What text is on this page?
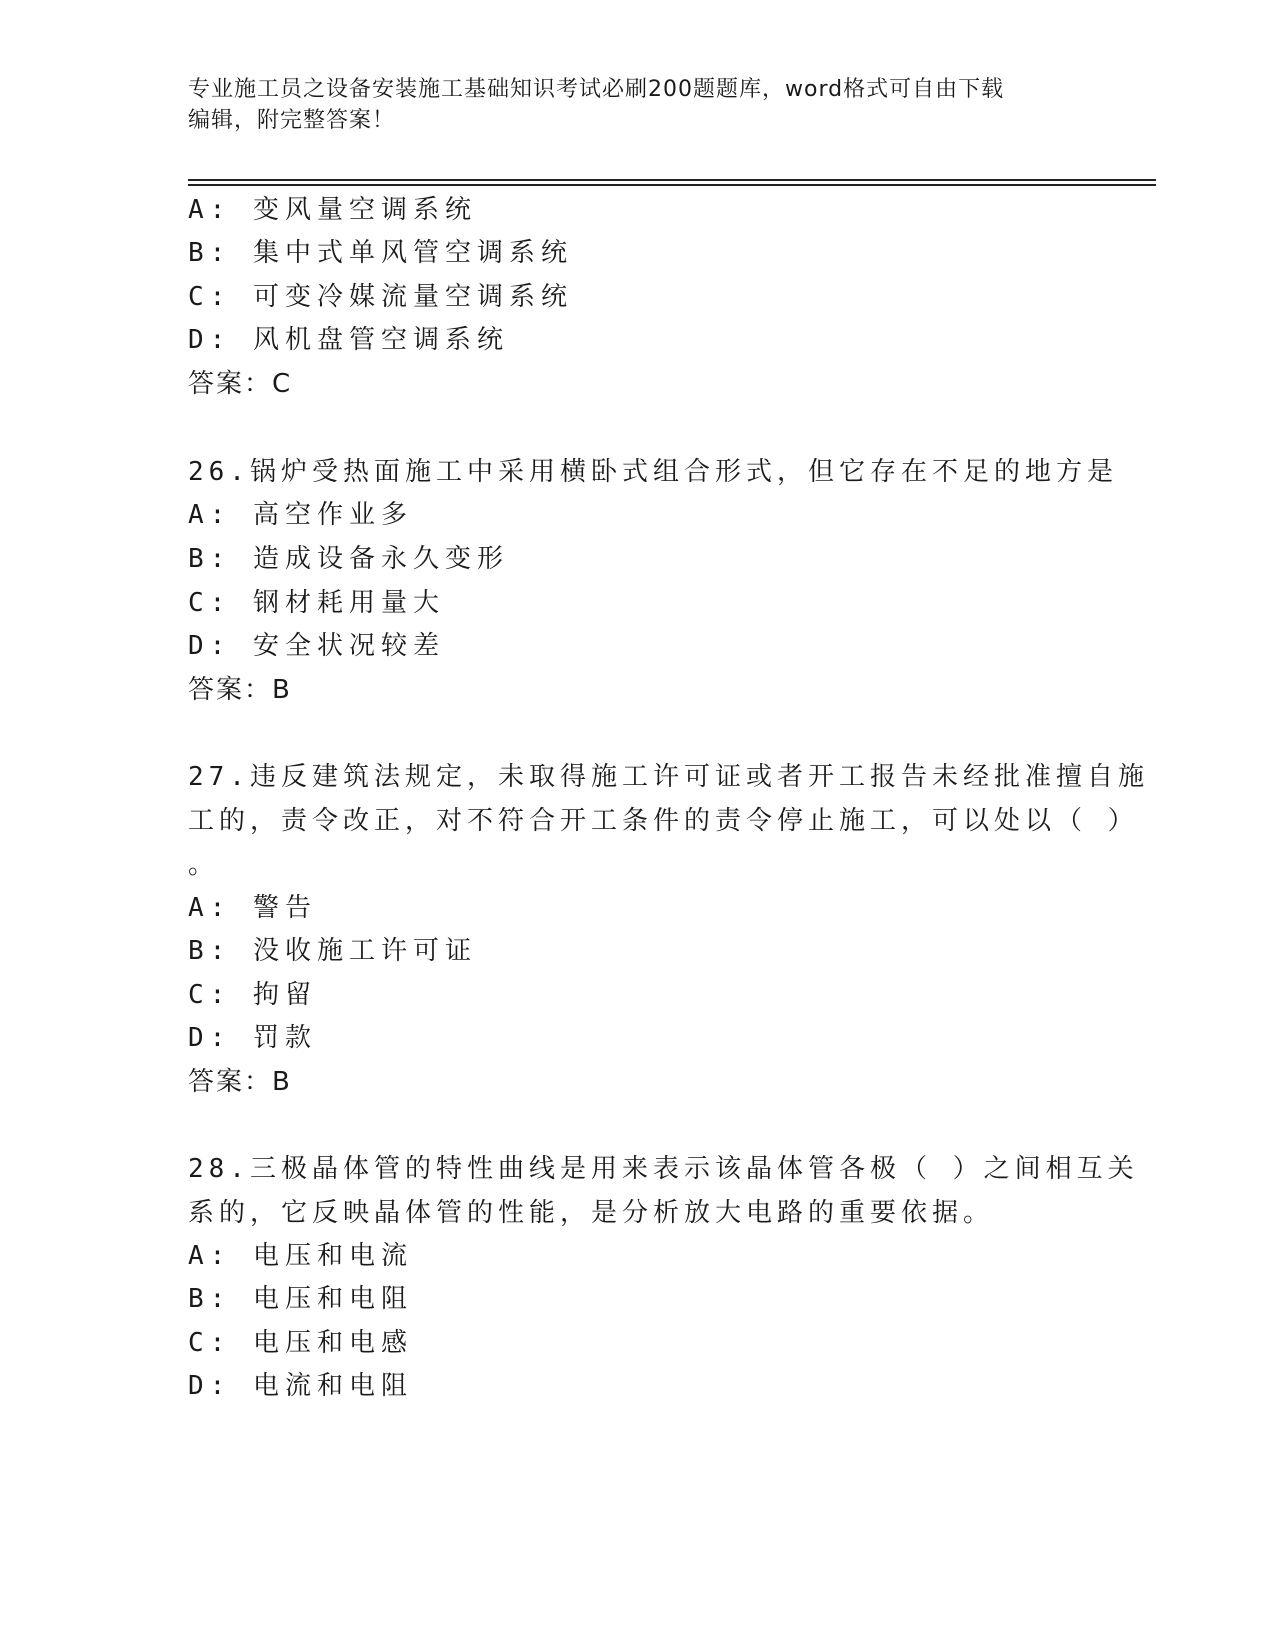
专业施工员之设备安装施工基础知识考试必刷200题题库，word格式可自由下载
编辑，附完整答案！
A: 变风量空调系统
B: 集中式单风管空调系统
C: 可变冷媒流量空调系统
D: 风机盘管空调系统
答案：C
26.锅炉受热面施工中采用横卧式组合形式，但它存在不足的地方是
A: 高空作业多
B: 造成设备永久变形
C: 钢材耗用量大
D: 安全状况较差
答案：B
27.违反建筑法规定，未取得施工许可证或者开工报告未经批准擅自施
工的，责令改正，对不符合开工条件的责令停止施工，可以处以（ ）
。
A: 警告
B: 没收施工许可证
C: 拘留
D: 罚款
答案：B
28.三极晶体管的特性曲线是用来表示该晶体管各极（ ）之间相互关
系的，它反映晶体管的性能，是分析放大电路的重要依据。
A: 电压和电流
B: 电压和电阻
C: 电压和电感
D: 电流和电阻
